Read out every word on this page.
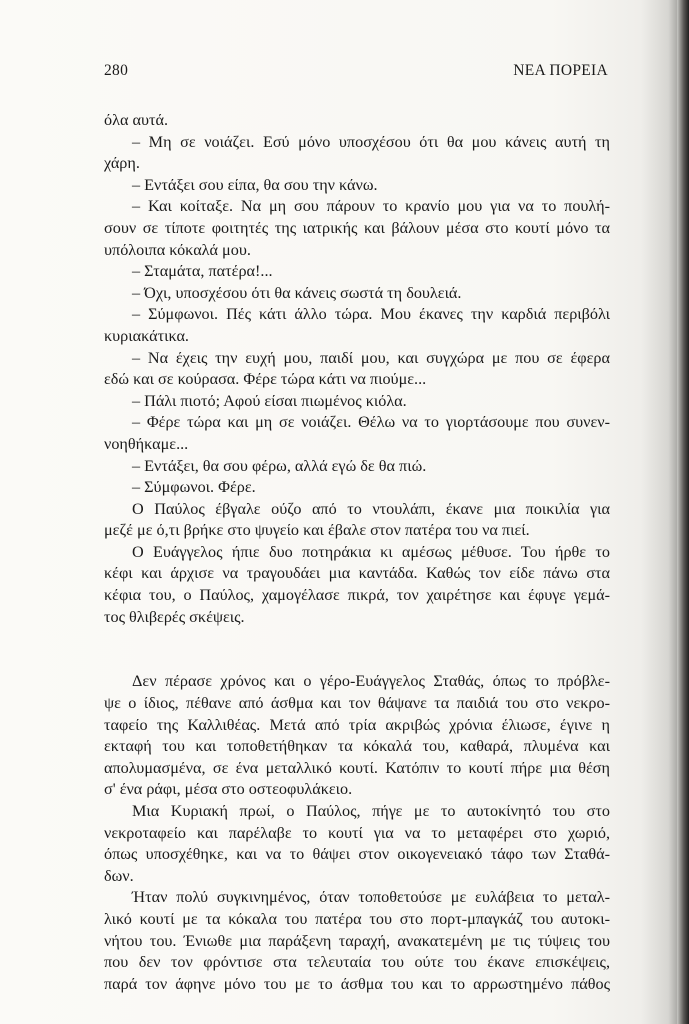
280	ΝΕΑ ΠΟΡΕΙΑ
όλα αυτά.
– Μη σε νοιάζει. Εσύ μόνο υποσχέσου ότι θα μου κάνεις αυτή τη
χάρη.
– Εντάξει σου είπα, θα σου την κάνω.
– Και κοίταξε. Να μη σου πάρουν το κρανίο μου για να το πουλή-
σουν σε τίποτε φοιτητές της ιατρικής και βάλουν μέσα στο κουτί μόνο τα
υπόλοιπα κόκαλά μου.
– Σταμάτα, πατέρα!...
– Όχι, υποσχέσου ότι θα κάνεις σωστά τη δουλειά.
– Σύμφωνοι. Πές κάτι άλλο τώρα. Μου έκανες την καρδιά περιβόλι
κυριακάτικα.
– Να έχεις την ευχή μου, παιδί μου, και συγχώρα με που σε έφερα
εδώ και σε κούρασα. Φέρε τώρα κάτι να πιούμε...
– Πάλι πιοτό; Αφού είσαι πιωμένος κιόλα.
– Φέρε τώρα και μη σε νοιάζει. Θέλω να το γιορτάσουμε που συνεν-
νοηθήκαμε...
– Εντάξει, θα σου φέρω, αλλά εγώ δε θα πιώ.
– Σύμφωνοι. Φέρε.
Ο Παύλος έβγαλε ούζο από το ντουλάπι, έκανε μια ποικιλία για
μεζέ με ό,τι βρήκε στο ψυγείο και έβαλε στον πατέρα του να πιεί.
Ο Ευάγγελος ήπιε δυο ποτηράκια κι αμέσως μέθυσε. Του ήρθε το
κέφι και άρχισε να τραγουδάει μια καντάδα. Καθώς τον είδε πάνω στα
κέφια του, ο Παύλος, χαμογέλασε πικρά, τον χαιρέτησε και έφυγε γεμά-
τος θλιβερές σκέψεις.
Δεν πέρασε χρόνος και ο γέρο-Ευάγγελος Σταθάς, όπως το πρόβλε-
ψε ο ίδιος, πέθανε από άσθμα και τον θάψανε τα παιδιά του στο νεκρο-
ταφείο της Καλλιθέας. Μετά από τρία ακριβώς χρόνια έλιωσε, έγινε η
εκταφή του και τοποθετήθηκαν τα κόκαλά του, καθαρά, πλυμένα και
απολυμασμένα, σε ένα μεταλλικό κουτί. Κατόπιν το κουτί πήρε μια θέση
σ' ένα ράφι, μέσα στο οστεοφυλάκειο.
Μια Κυριακή πρωί, ο Παύλος, πήγε με το αυτοκίνητό του στο
νεκροταφείο και παρέλαβε το κουτί για να το μεταφέρει στο χωριό,
όπως υποσχέθηκε, και να το θάψει στον οικογενειακό τάφο των Σταθά-
δων.
Ήταν πολύ συγκινημένος, όταν τοποθετούσε με ευλάβεια το μεταλ-
λικό κουτί με τα κόκαλα του πατέρα του στο πορτ-μπαγκάζ του αυτοκι-
νήτου του. Ένιωθε μια παράξενη ταραχή, ανακατεμένη με τις τύψεις του
που δεν τον φρόντισε στα τελευταία του ούτε του έκανε επισκέψεις,
παρά τον άφηνε μόνο του με το άσθμα του και το αρρωστημένο πάθος
